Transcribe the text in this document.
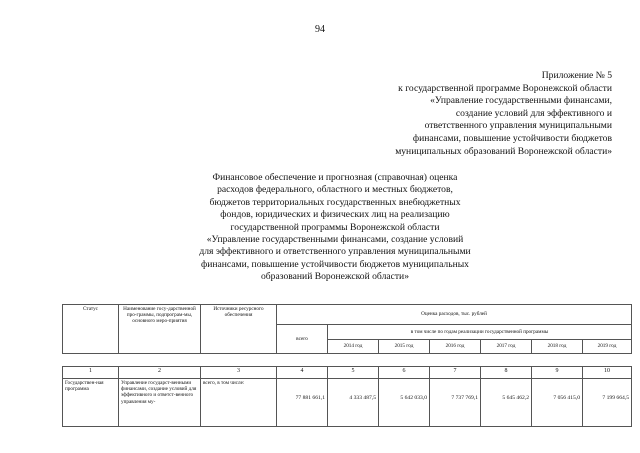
94
Приложение № 5
к государственной программе Воронежской области
«Управление государственными финансами,
создание условий для эффективного и
ответственного управления муниципальными
финансами, повышение устойчивости бюджетов
муниципальных образований Воронежской области»
Финансовое обеспечение и прогнозная (справочная) оценка
расходов федерального, областного и местных бюджетов,
бюджетов территориальных государственных внебюджетных
фондов, юридических и физических лиц на реализацию
государственной программы Воронежской области
«Управление государственными финансами, создание условий
для эффективного и ответственного управления муниципальными
финансами, повышение устойчивости бюджетов муниципальных
образований Воронежской области»
Статус	Наименование госу-дарственной про-граммы, подпрограм-мы, основного меро-приятия	Источники ресурсного обеспечения	Оценка расходов, тыс. рублей						
			всего	в том числе по годам реализации государственной программы					
				2014 год	2015 год	2016 год	2017 год	2018 год	2019 год
1	2	3	4	5	6	7	8	9	10
Государствен-ная программа	Управление государст-венными финансами, создание условий для эффективного и ответст-венного управления му-	всего, в том числе:	77 881 661,1	4 333 487,5	5 642 033,0	7 737 769,1	5 645 462,2	7 056 415,0	7 199 664,5
